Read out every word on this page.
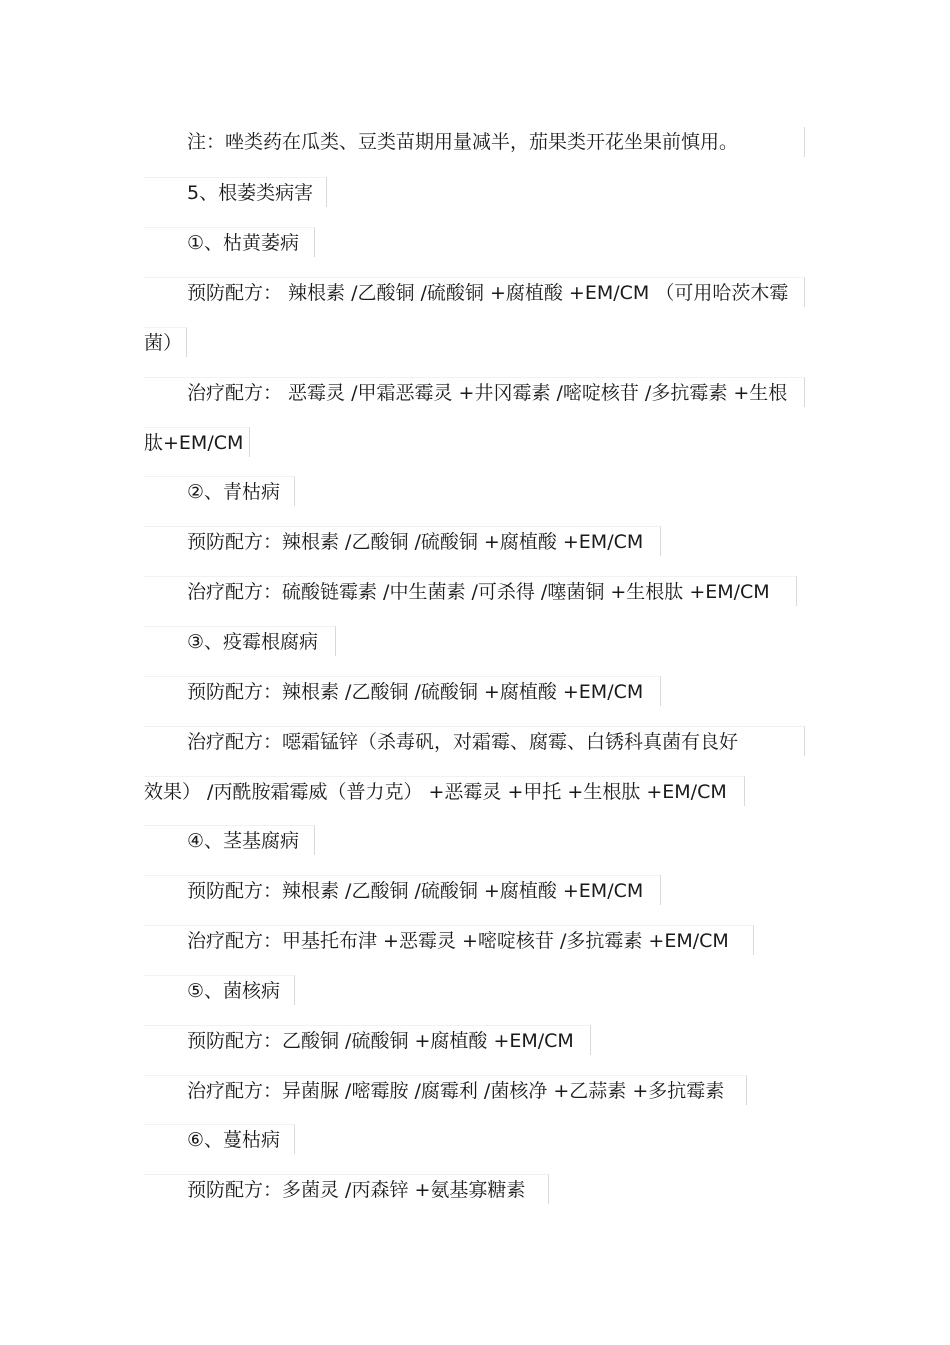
注：唑类药在瓜类、豆类苗期用量减半，茄果类开花坐果前慎用。
5、根萎类病害
①、枯黄萎病
预防配方： 辣根素 /乙酸铜 /硫酸铜 +腐植酸 +EM/CM （可用哈茨木霉
菌）
治疗配方： 恶霉灵 /甲霜恶霉灵 +井冈霉素 /嘧啶核苷 /多抗霉素 +生根
肽+EM/CM
②、青枯病
预防配方：辣根素 /乙酸铜 /硫酸铜 +腐植酸 +EM/CM
治疗配方：硫酸链霉素 /中生菌素 /可杀得 /噻菌铜 +生根肽 +EM/CM
③、疫霉根腐病
预防配方：辣根素 /乙酸铜 /硫酸铜 +腐植酸 +EM/CM
治疗配方：噁霜锰锌（杀毒矾，对霜霉、腐霉、白锈科真菌有良好
效果） /丙酰胺霜霉威（普力克） +恶霉灵 +甲托 +生根肽 +EM/CM
④、茎基腐病
预防配方：辣根素 /乙酸铜 /硫酸铜 +腐植酸 +EM/CM
治疗配方：甲基托布津 +恶霉灵 +嘧啶核苷 /多抗霉素 +EM/CM
⑤、菌核病
预防配方：乙酸铜 /硫酸铜 +腐植酸 +EM/CM
治疗配方：异菌脲 /嘧霉胺 /腐霉利 /菌核净 +乙蒜素 +多抗霉素
⑥、蔓枯病
预防配方：多菌灵 /丙森锌 +氨基寡糖素
